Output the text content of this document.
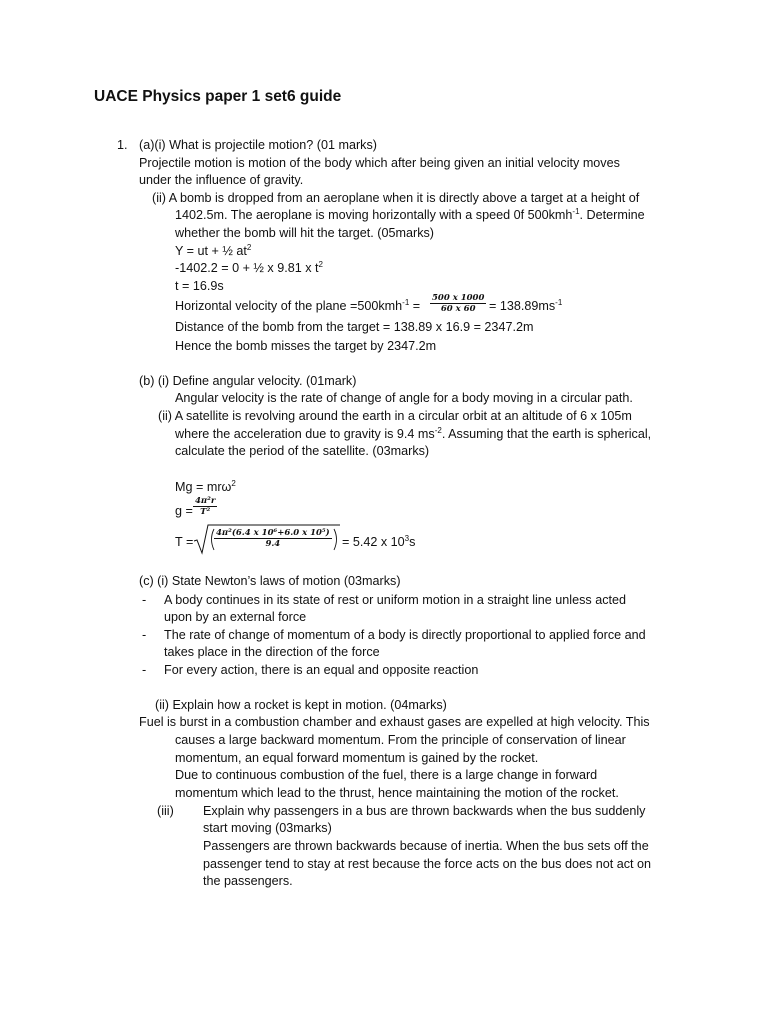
UACE Physics paper 1 set6 guide
1. (a)(i) What is projectile motion? (01 marks)
Projectile motion is motion of the body which after being given an initial velocity moves
under the influence of gravity.
(ii) A bomb is dropped from an aeroplane when it is directly above a target at a height of
1402.5m. The aeroplane is moving horizontally with a speed 0f 500kmh$^{-1}$. Determine
whether the bomb will hit the target. (05marks)
Y = ut + ½ $at^2$
-1402.2 = 0 + ½ x 9.81 x $t^2$
t = 16.9s
Horizontal velocity of the plane $=500kmh^{-1} = \frac{500 x 1000}{60 x 60} = 138.89ms^{-1}$
Distance of the bomb from the target = 138.89 x 16.9 = 2347.2m
Hence the bomb misses the target by 2347.2m
(b) (i) Define angular velocity. (01mark)
Angular velocity is the rate of change of angle for a body moving in a circular path.
(ii) A satellite is revolving around the earth in a circular orbit at an altitude of 6 x 105m
where the acceleration due to gravity is 9.4 $ms^{-2}$. Assuming that the earth is spherical,
calculate the period of the satellite. (03marks)
Mg = mrω$^2$
$g = \frac{\text{4π²r}}{\text{T²}}$
$T = \frac{\text{4π²(6.4 x 10⁶+6.0 x 10⁵)}}{9.4} = 5.42$ x $10^3s$
(c) (i) State Newton’s laws of motion (03marks)
- A body continues in its state of rest or uniform motion in a straight line unless acted
upon by an external force
- The rate of change of momentum of a body is directly proportional to applied force and
takes place in the direction of the force
- For every action, there is an equal and opposite reaction
(ii) Explain how a rocket is kept in motion. (04marks)
Fuel is burst in a combustion chamber and exhaust gases are expelled at high velocity. This
causes a large backward momentum. From the principle of conservation of linear
momentum, an equal forward momentum is gained by the rocket.
Due to continuous combustion of the fuel, there is a large change in forward
momentum which lead to the thrust, hence maintaining the motion of the rocket.
(iii) Explain why passengers in a bus are thrown backwards when the bus suddenly
start moving (03marks)
Passengers are thrown backwards because of inertia. When the bus sets off the
passenger tend to stay at rest because the force acts on the bus does not act on
the passengers.
